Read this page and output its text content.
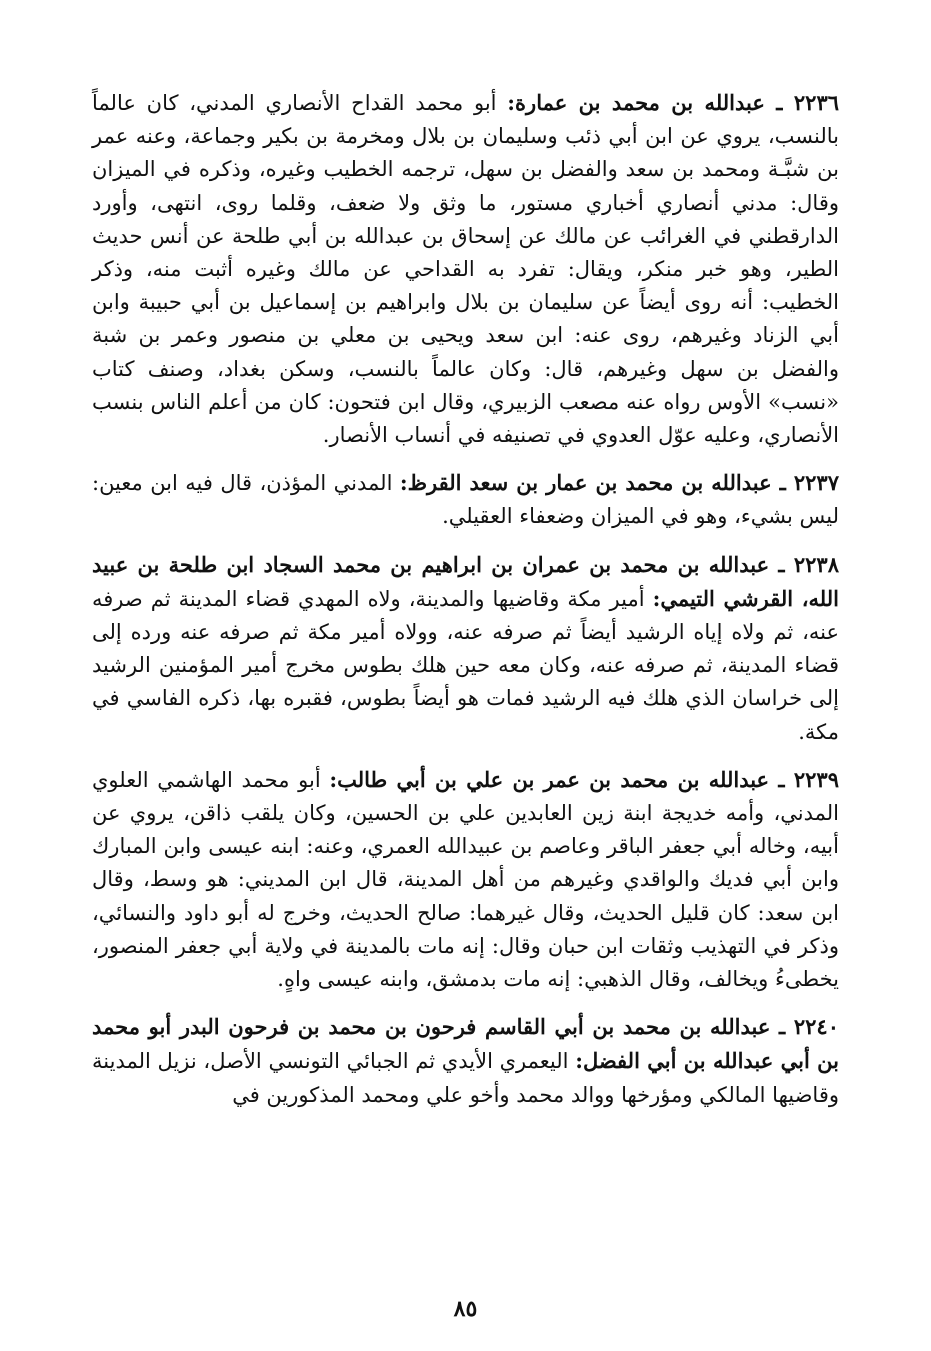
٢٢٣٦ ـ عبدالله بن محمد بن عمارة: أبو محمد القداح الأنصاري المدني، كان عالماً بالنسب، يروي عن ابن أبي ذئب وسليمان بن بلال ومخرمة بن بكير وجماعة، وعنه عمر بن شبَّـة ومحمد بن سعد والفضل بن سهل، ترجمه الخطيب وغيره، وذكره في الميزان وقال: مدني أنصاري أخباري مستور، ما وثق ولا ضعف، وقلما روى، انتهى، وأورد الدارقطني في الغرائب عن مالك عن إسحاق بن عبدالله بن أبي طلحة عن أنس حديث الطير، وهو خبر منكر، ويقال: تفرد به القداحي عن مالك وغيره أثبت منه، وذكر الخطيب: أنه روى أيضاً عن سليمان بن بلال وابراهيم بن إسماعيل بن أبي حبيبة وابن أبي الزناد وغيرهم، روى عنه: ابن سعد ويحيى بن معلي بن منصور وعمر بن شبة والفضل بن سهل وغيرهم، قال: وكان عالماً بالنسب، وسكن بغداد، وصنف كتاب «نسب» الأوس رواه عنه مصعب الزبيري، وقال ابن فتحون: كان من أعلم الناس بنسب الأنصاري، وعليه عوّل العدوي في تصنيفه في أنساب الأنصار.

٢٢٣٧ ـ عبدالله بن محمد بن عمار بن سعد القرظ: المدني المؤذن، قال فيه ابن معين: ليس بشيء، وهو في الميزان وضعفاء العقيلي.

٢٢٣٨ ـ عبدالله بن محمد بن عمران بن ابراهيم بن محمد السجاد ابن طلحة بن عبيد الله، القرشي التيمي: أمير مكة وقاضيها والمدينة، ولاه المهدي قضاء المدينة ثم صرفه عنه، ثم ولاه إياه الرشيد أيضاً ثم صرفه عنه، وولاه أمير مكة ثم صرفه عنه ورده إلى قضاء المدينة، ثم صرفه عنه، وكان معه حين هلك بطوس مخرج أمير المؤمنين الرشيد إلى خراسان الذي هلك فيه الرشيد فمات هو أيضاً بطوس، فقبره بها، ذكره الفاسي في مكة.

٢٢٣٩ ـ عبدالله بن محمد بن عمر بن علي بن أبي طالب: أبو محمد الهاشمي العلوي المدني، وأمه خديجة ابنة زين العابدين علي بن الحسين، وكان يلقب ذاقن، يروي عن أبيه، وخاله أبي جعفر الباقر وعاصم بن عبيدالله العمري، وعنه: ابنه عيسى وابن المبارك وابن أبي فديك والواقدي وغيرهم من أهل المدينة، قال ابن المديني: هو وسط، وقال ابن سعد: كان قليل الحديث، وقال غيرهما: صالح الحديث، وخرج له أبو داود والنسائي، وذكر في التهذيب وثقات ابن حبان وقال: إنه مات بالمدينة في ولاية أبي جعفر المنصور، يخطىءُ ويخالف، وقال الذهبي: إنه مات بدمشق، وابنه عيسى واهٍ.

٢٢٤٠ ـ عبدالله بن محمد بن أبي القاسم فرحون بن محمد بن فرحون البدر أبو محمد بن أبي عبدالله بن أبي الفضل: اليعمري الأيدي ثم الجبائي التونسي الأصل، نزيل المدينة وقاضيها المالكي ومؤرخها ووالد محمد وأخو علي ومحمد المذكورين في

٨٥
